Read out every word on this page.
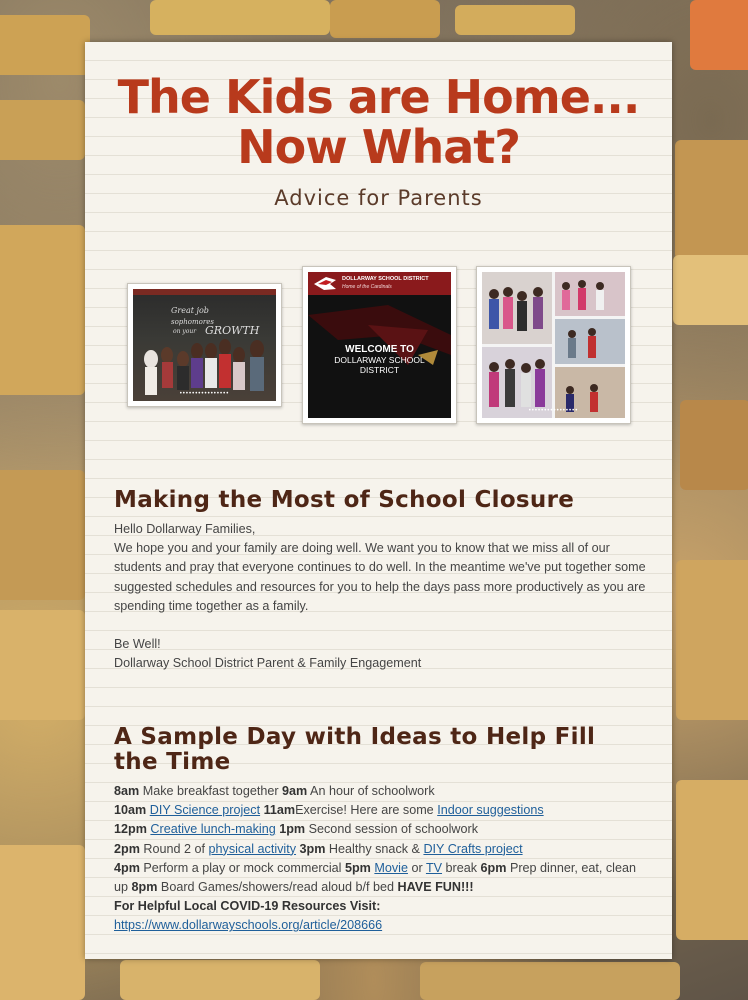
The Kids are Home...
Now What?
Advice for Parents
Great job
sophomores
on your GROWTH
••••••••••••••••
DOLLARWAY SCHOOL DISTRICT
Home of the Cardinals
WELCOME TO
DOLLARWAY SCHOOL
DISTRICT
••••••••••••••••
Making the Most of School Closure

Hello Dollarway Families,

We hope you and your family are doing well. We want you to know that we miss all of our students and pray that everyone continues to do well. In the meantime we've put together some suggested schedules and resources for you to help the days pass more productively as you are spending time together as a family.

Be Well!

Dollarway School District Parent & Family Engagement

A Sample Day with Ideas to Help Fill the Time

8am Make breakfast together 9am An hour of schoolwork

10am DIY Science project 11amExercise! Here are some Indoor suggestions

12pm Creative lunch-making 1pm Second session of schoolwork

2pm Round 2 of physical activity 3pm Healthy snack & DIY Crafts project

4pm Perform a play or mock commercial 5pm Movie or TV break 6pm Prep dinner, eat, clean up 8pm Board Games/showers/read aloud b/f bed HAVE FUN!!!

For Helpful Local COVID-19 Resources Visit:

https://www.dollarwayschools.org/article/208666
